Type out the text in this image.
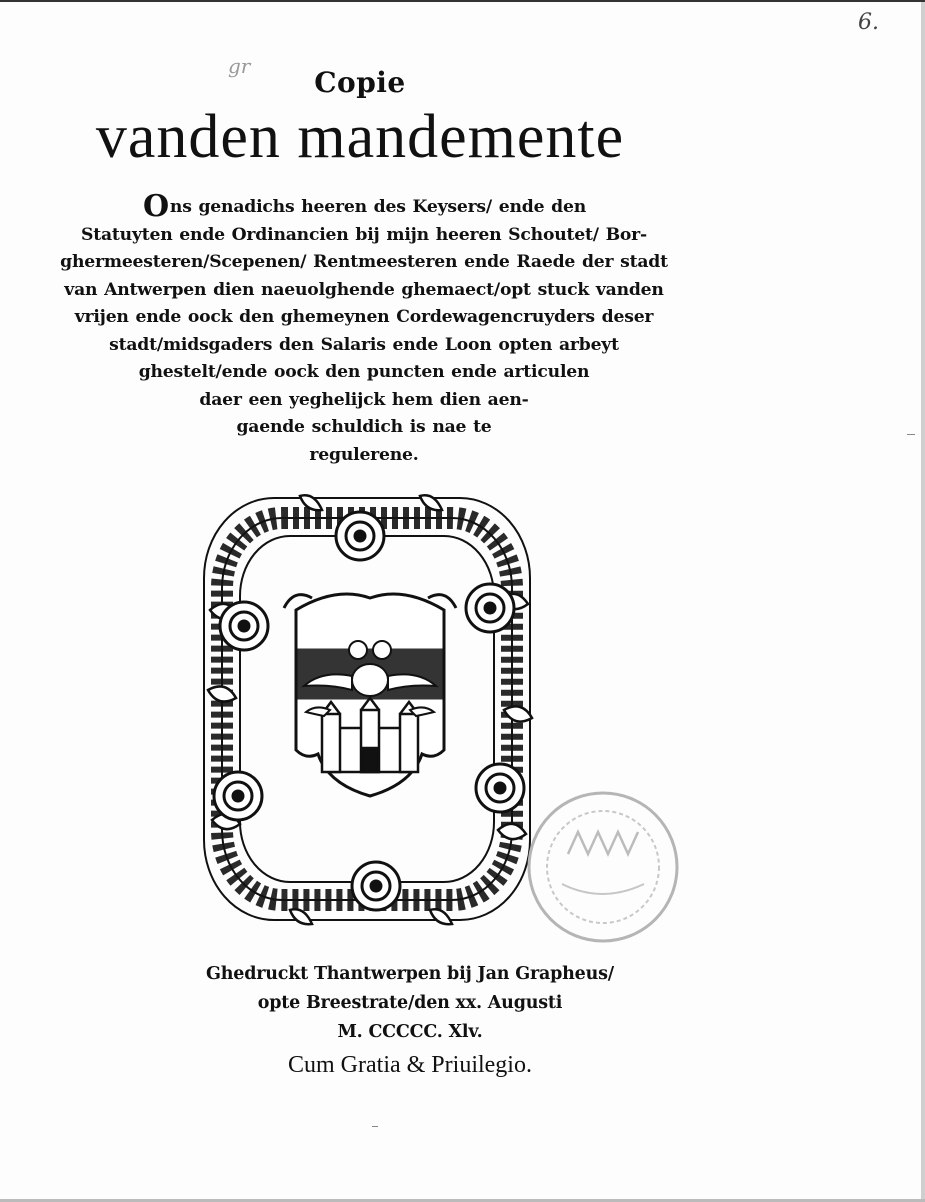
6.
gr	Copie
vanden mandemente
Ons genadichs heeren des Keysers/ ende den
Statuyten ende Ordinancien bij mijn heeren Schoutet/ Bor-
ghermeesteren/Scepenen/ Rentmeesteren ende Raede der stadt
van Antwerpen dien naeuolghende ghemaect/opt stuck vanden
vrijen ende oock den ghemeynen Cordewagencruyders deser
stadt/midsgaders den Salaris ende Loon opten arbeyt
ghestelt/ende oock den puncten ende articulen
daer een yeghelijck hem dien aen-
gaende schuldich is nae te
regulerene.
Ghedruckt Thantwerpen bij Jan Grapheus/
opte Breestrate/den xx. Augusti
M. CCCCC. Xlv.
Cum Gratia & Priuilegio.
